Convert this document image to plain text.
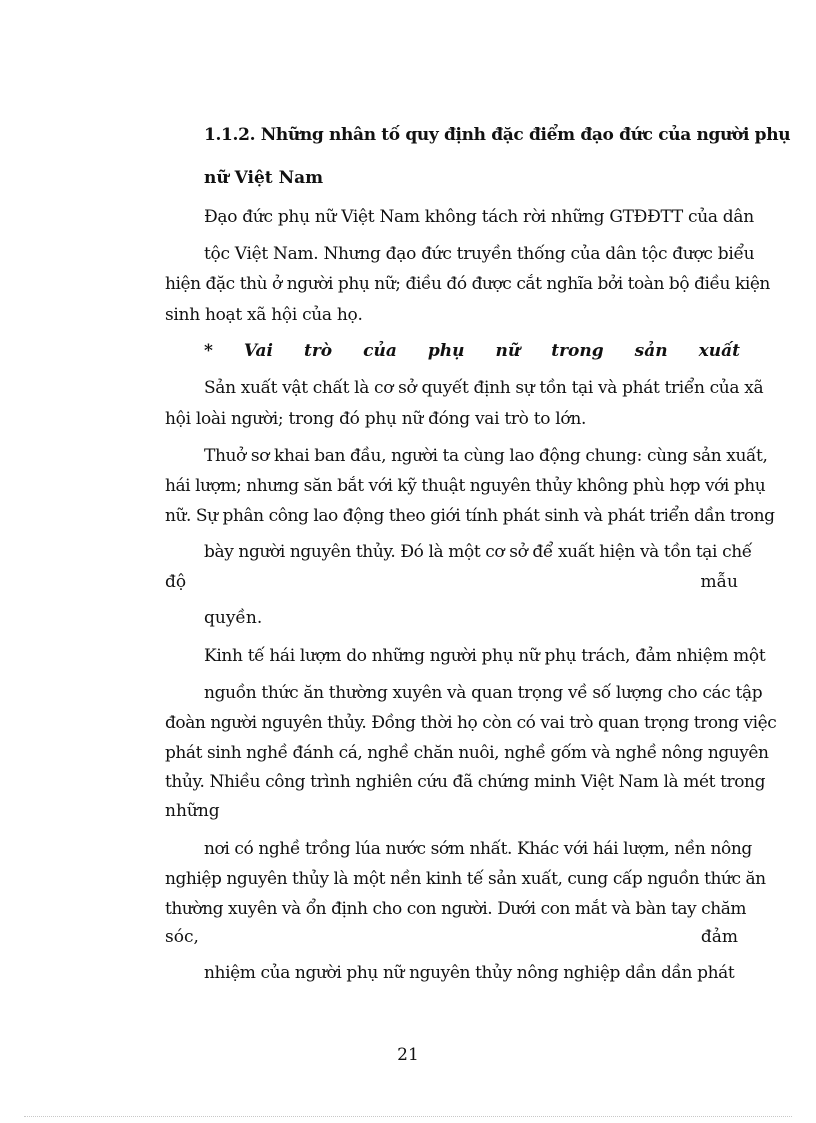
1.1.2. Những nhân tố quy định đặc điểm đạo đức của người phụ
nữ Việt Nam
Đạo đức phụ nữ Việt Nam không tách rời những GTĐĐTT của dân
tộc Việt Nam. Nhưng đạo đức truyền thống của dân tộc được biểu
hiện đặc thù ở người phụ nữ; điều đó được cắt nghĩa bởi toàn bộ điều kiện
sinh hoạt xã hội của họ.
* Vai trò của phụ nữ trong sản xuất
Sản xuất vật chất là cơ sở quyết định sự tồn tại và phát triển của xã
hội loài người; trong đó phụ nữ đóng vai trò to lớn.
Thuở sơ khai ban đầu, người ta cùng lao động chung: cùng sản xuất,
hái lượm; nhưng săn bắt với kỹ thuật nguyên thủy không phù hợp với phụ
nữ. Sự phân công lao động theo giới tính phát sinh và phát triển dần trong
bày người nguyên thủy. Đó là một cơ sở để xuất hiện và tồn tại chế
độ	mẫu
quyền.
Kinh tế hái lượm do những người phụ nữ phụ trách, đảm nhiệm một
nguồn thức ăn thường xuyên và quan trọng về số lượng cho các tập
đoàn người nguyên thủy. Đồng thời họ còn có vai trò quan trọng trong việc
phát sinh nghề đánh cá, nghề chăn nuôi, nghề gốm và nghề nông nguyên
thủy. Nhiều công trình nghiên cứu đã chứng minh Việt Nam là mét trong
những
nơi có nghề trồng lúa nước sớm nhất. Khác với hái lượm, nền nông
nghiệp nguyên thủy là một nền kinh tế sản xuất, cung cấp nguồn thức ăn
thường xuyên và ổn định cho con người. Dưới con mắt và bàn tay chăm
sóc,	đảm
nhiệm của người phụ nữ nguyên thủy nông nghiệp dần dần phát
21
